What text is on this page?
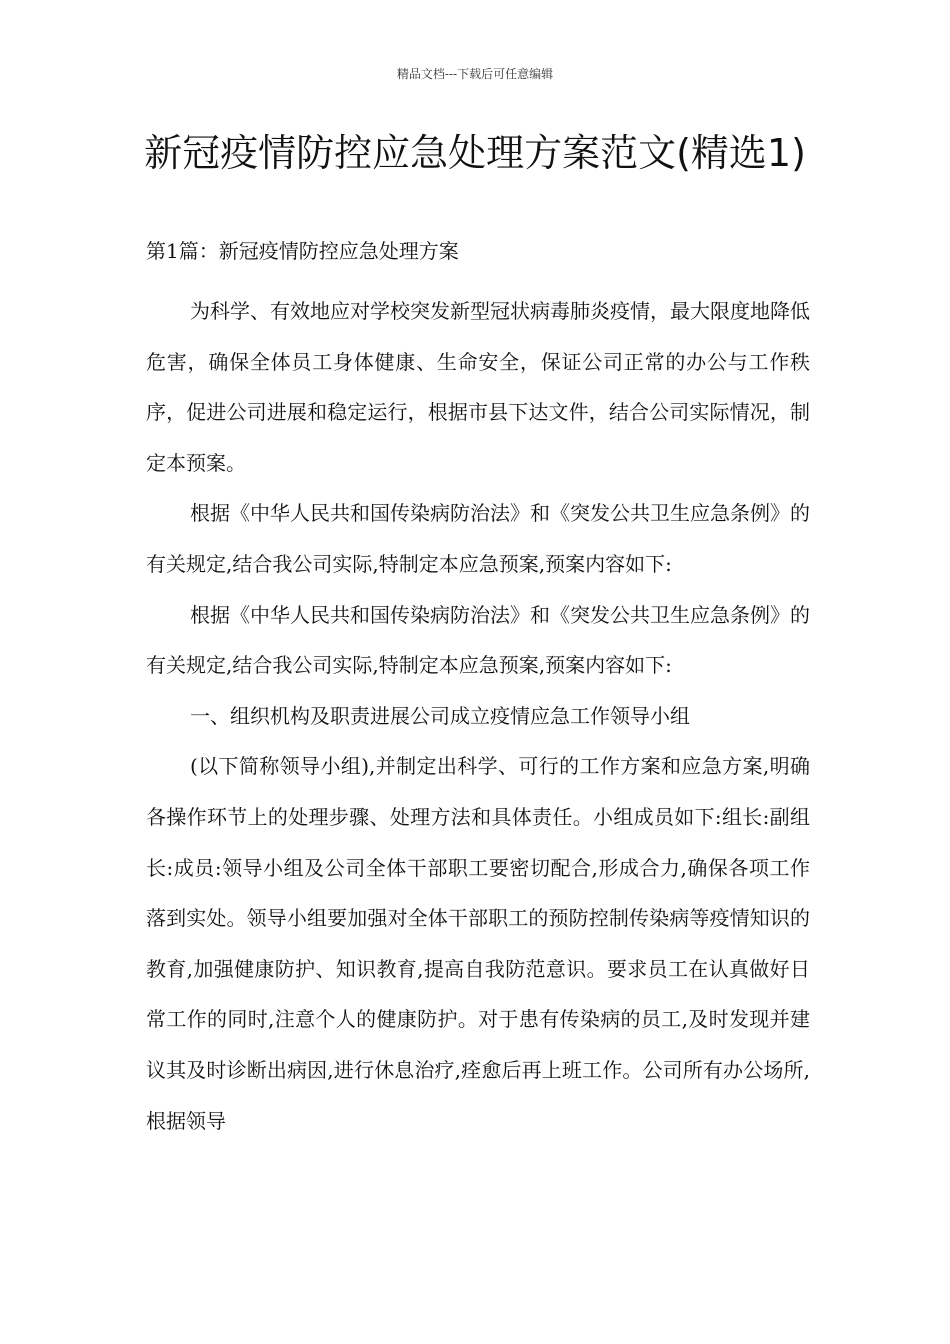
精品文档---下载后可任意编辑
新冠疫情防控应急处理方案范文(精选1)

第1篇：新冠疫情防控应急处理方案

为科学、有效地应对学校突发新型冠状病毒肺炎疫情，最大限度地降低危害，确保全体员工身体健康、生命安全，保证公司正常的办公与工作秩序，促进公司进展和稳定运行，根据市县下达文件，结合公司实际情况，制定本预案。

根据《中华人民共和国传染病防治法》和《突发公共卫生应急条例》的有关规定,结合我公司实际,特制定本应急预案,预案内容如下:

根据《中华人民共和国传染病防治法》和《突发公共卫生应急条例》的有关规定,结合我公司实际,特制定本应急预案,预案内容如下:

一、组织机构及职责进展公司成立疫情应急工作领导小组

(以下简称领导小组),并制定出科学、可行的工作方案和应急方案,明确各操作环节上的处理步骤、处理方法和具体责任。小组成员如下:组长:副组长:成员:领导小组及公司全体干部职工要密切配合,形成合力,确保各项工作落到实处。领导小组要加强对全体干部职工的预防控制传染病等疫情知识的教育,加强健康防护、知识教育,提高自我防范意识。要求员工在认真做好日常工作的同时,注意个人的健康防护。对于患有传染病的员工,及时发现并建议其及时诊断出病因,进行休息治疗,痊愈后再上班工作。公司所有办公场所,根据领导
